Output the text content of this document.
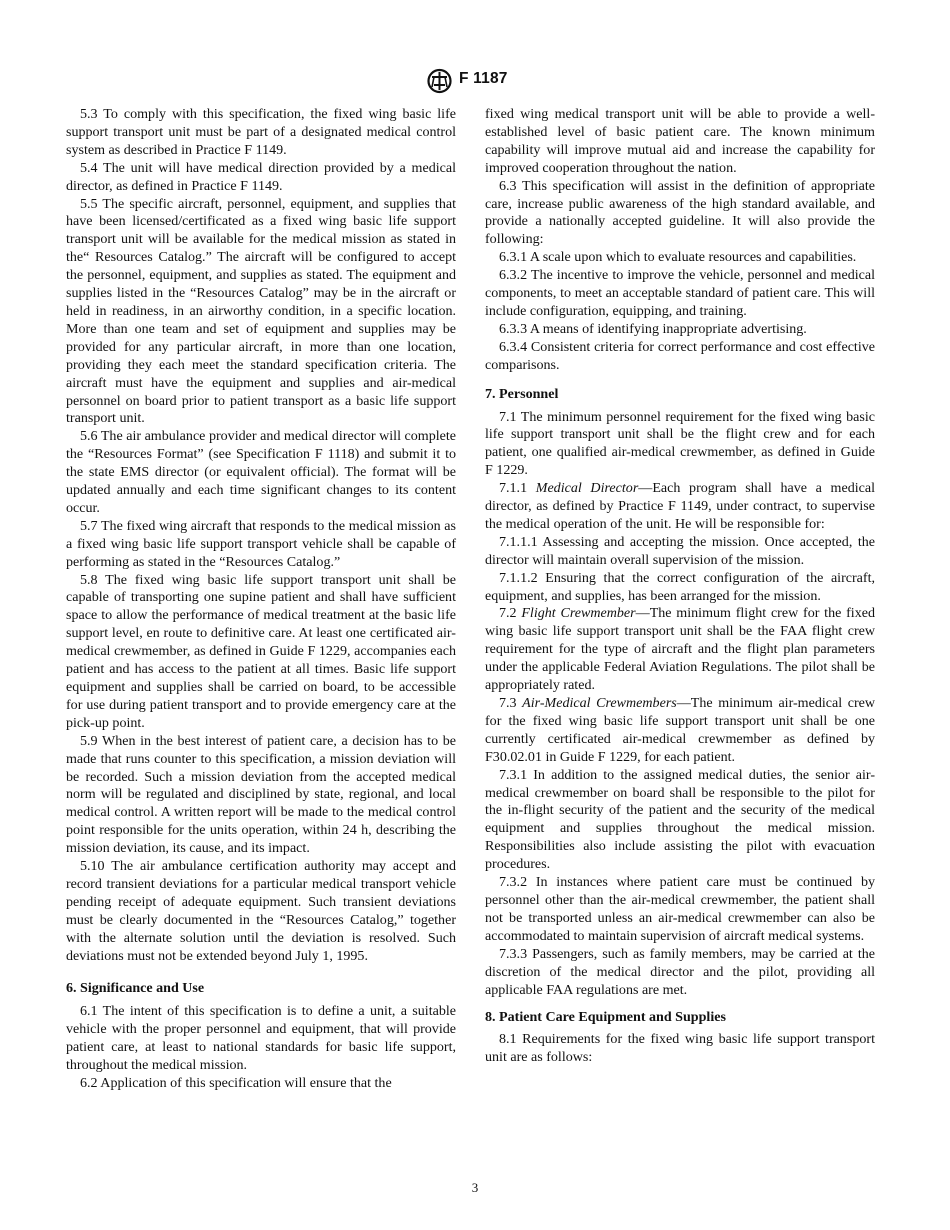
F 1187

5.3 To comply with this specification, the fixed wing basic life support transport unit must be part of a designated medical control system as described in Practice F 1149.

5.4 The unit will have medical direction provided by a medical director, as defined in Practice F 1149.

5.5 The specific aircraft, personnel, equipment, and supplies that have been licensed/certificated as a fixed wing basic life support transport unit will be available for the medical mission as stated in the“ Resources Catalog.” The aircraft will be configured to accept the personnel, equipment, and supplies as stated. The equipment and supplies listed in the “Resources Catalog” may be in the aircraft or held in readiness, in an airworthy condition, in a specific location. More than one team and set of equipment and supplies may be provided for any particular aircraft, in more than one location, providing they each meet the standard specification criteria. The aircraft must have the equipment and supplies and air-medical personnel on board prior to patient transport as a basic life support transport unit.

5.6 The air ambulance provider and medical director will complete the “Resources Format” (see Specification F 1118) and submit it to the state EMS director (or equivalent official). The format will be updated annually and each time significant changes to its content occur.

5.7 The fixed wing aircraft that responds to the medical mission as a fixed wing basic life support transport vehicle shall be capable of performing as stated in the “Resources Catalog.”

5.8 The fixed wing basic life support transport unit shall be capable of transporting one supine patient and shall have sufficient space to allow the performance of medical treatment at the basic life support level, en route to definitive care. At least one certificated air-medical crewmember, as defined in Guide F 1229, accompanies each patient and has access to the patient at all times. Basic life support equipment and supplies shall be carried on board, to be accessible for use during patient transport and to provide emergency care at the pick-up point.

5.9 When in the best interest of patient care, a decision has to be made that runs counter to this specification, a mission deviation will be recorded. Such a mission deviation from the accepted medical norm will be regulated and disciplined by state, regional, and local medical control. A written report will be made to the medical control point responsible for the units operation, within 24 h, describing the mission deviation, its cause, and its impact.

5.10 The air ambulance certification authority may accept and record transient deviations for a particular medical transport vehicle pending receipt of adequate equipment. Such transient deviations must be clearly documented in the “Resources Catalog,” together with the alternate solution until the deviation is resolved. Such deviations must not be extended beyond July 1, 1995.

6. Significance and Use

6.1 The intent of this specification is to define a unit, a suitable vehicle with the proper personnel and equipment, that will provide patient care, at least to national standards for basic life support, throughout the medical mission.

6.2 Application of this specification will ensure that the

fixed wing medical transport unit will be able to provide a well-established level of basic patient care. The known minimum capability will improve mutual aid and increase the capability for improved cooperation throughout the nation.

6.3 This specification will assist in the definition of appropriate care, increase public awareness of the high standard available, and provide a nationally accepted guideline. It will also provide the following:

6.3.1 A scale upon which to evaluate resources and capabilities.

6.3.2 The incentive to improve the vehicle, personnel and medical components, to meet an acceptable standard of patient care. This will include configuration, equipping, and training.

6.3.3 A means of identifying inappropriate advertising.

6.3.4 Consistent criteria for correct performance and cost effective comparisons.

7. Personnel

7.1 The minimum personnel requirement for the fixed wing basic life support transport unit shall be the flight crew and for each patient, one qualified air-medical crewmember, as defined in Guide F 1229.

7.1.1 Medical Director—Each program shall have a medical director, as defined by Practice F 1149, under contract, to supervise the medical operation of the unit. He will be responsible for:

7.1.1.1 Assessing and accepting the mission. Once accepted, the director will maintain overall supervision of the mission.

7.1.1.2 Ensuring that the correct configuration of the aircraft, equipment, and supplies, has been arranged for the mission.

7.2 Flight Crewmember—The minimum flight crew for the fixed wing basic life support transport unit shall be the FAA flight crew requirement for the type of aircraft and the flight plan parameters under the applicable Federal Aviation Regulations. The pilot shall be appropriately rated.

7.3 Air-Medical Crewmembers—The minimum air-medical crew for the fixed wing basic life support transport unit shall be one currently certificated air-medical crewmember as defined by F30.02.01 in Guide F 1229, for each patient.

7.3.1 In addition to the assigned medical duties, the senior air-medical crewmember on board shall be responsible to the pilot for the in-flight security of the patient and the security of the medical equipment and supplies throughout the medical mission. Responsibilities also include assisting the pilot with evacuation procedures.

7.3.2 In instances where patient care must be continued by personnel other than the air-medical crewmember, the patient shall not be transported unless an air-medical crewmember can also be accommodated to maintain supervision of aircraft medical systems.

7.3.3 Passengers, such as family members, may be carried at the discretion of the medical director and the pilot, providing all applicable FAA regulations are met.

8. Patient Care Equipment and Supplies

8.1 Requirements for the fixed wing basic life support transport unit are as follows:

3
